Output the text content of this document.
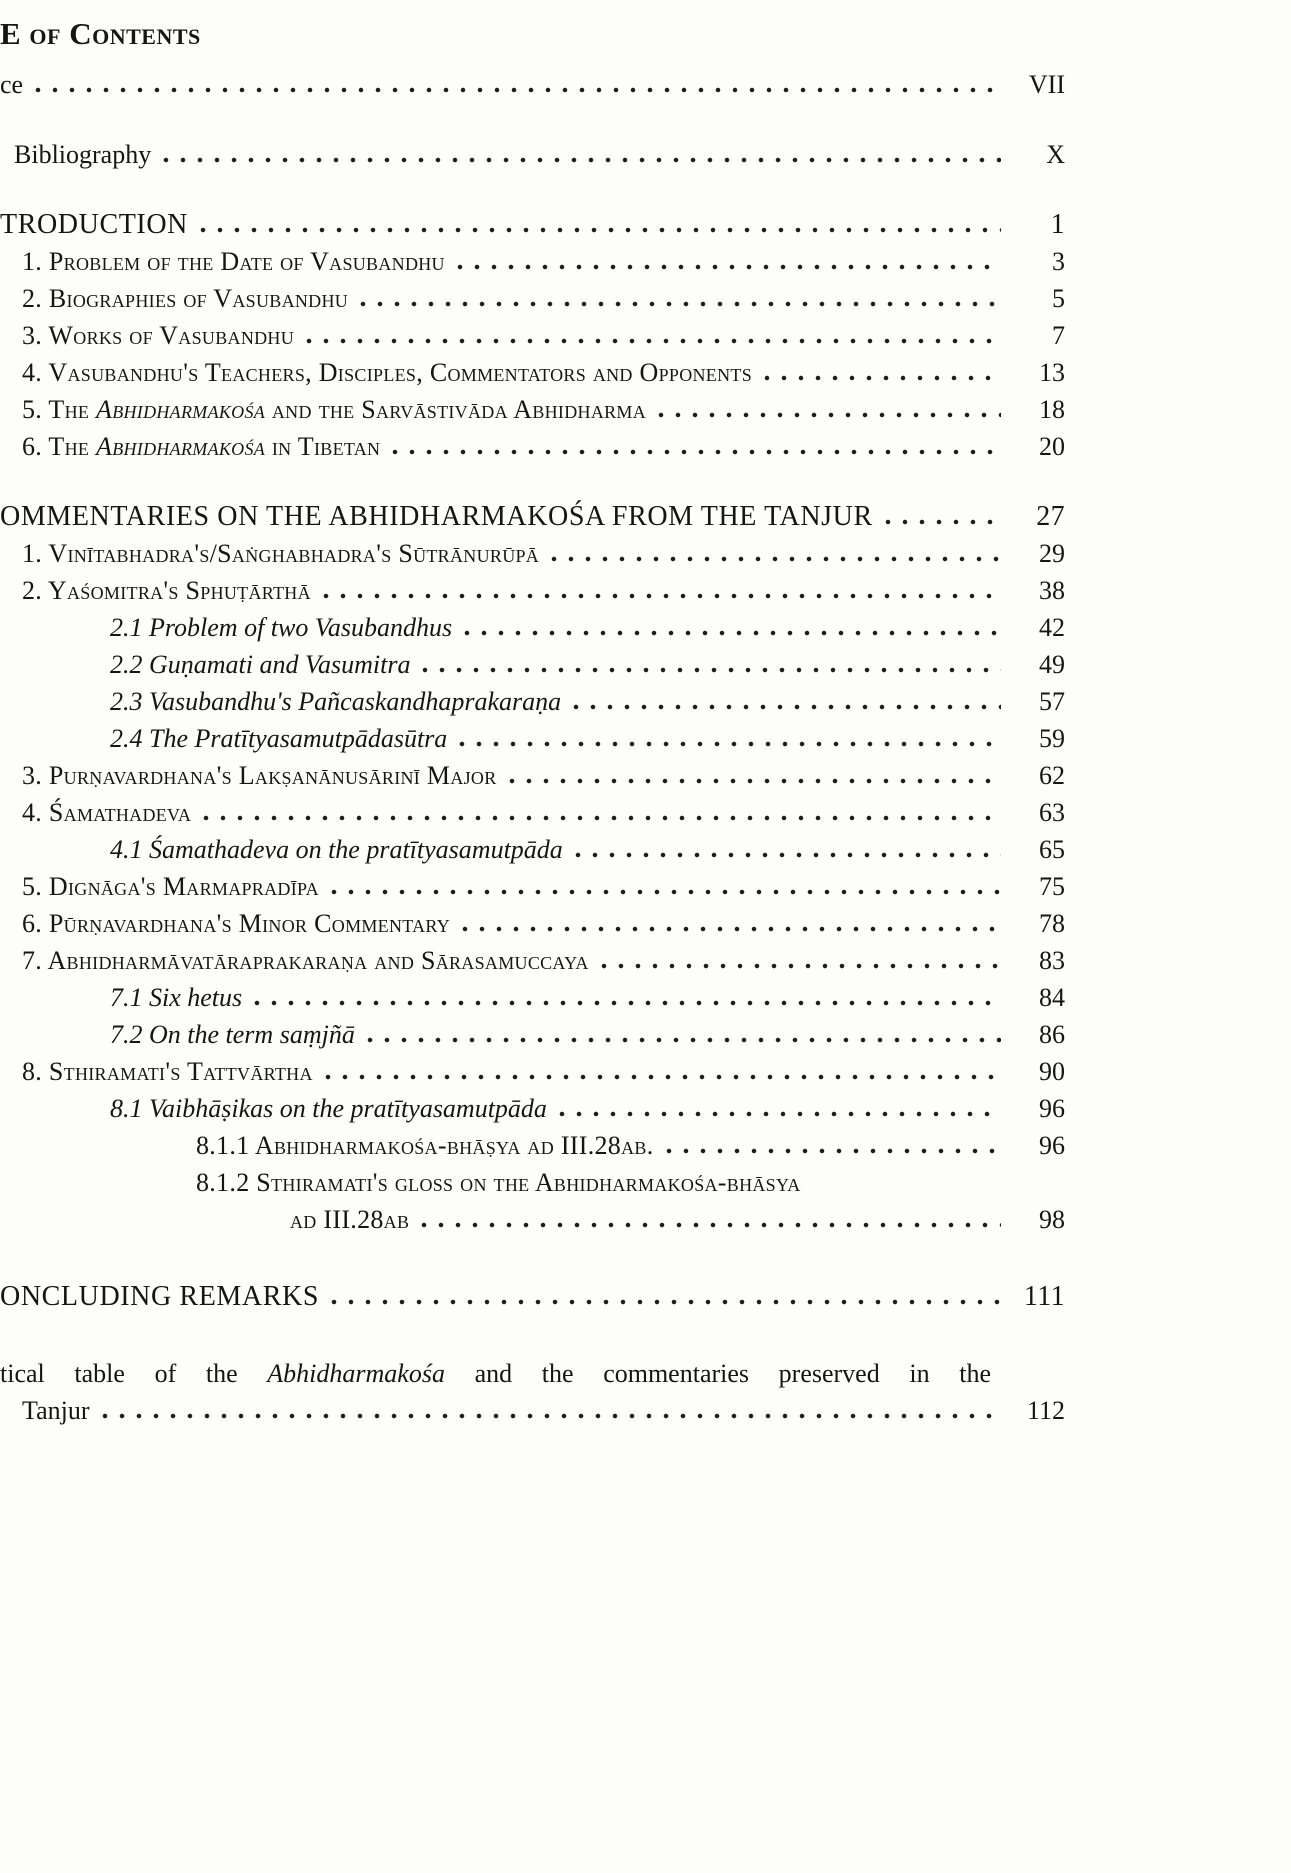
E of Contents
ce	VII
Bibliography	X
TRODUCTION	1
1. Problem of the Date of Vasubandhu	3
2. Biographies of Vasubandhu	5
3. Works of Vasubandhu	7
4. Vasubandhu's Teachers, Disciples, Commentators and Opponents	13
5. The Abhidharmakośa and the Sarvāstivāda Abhidharma	18
6. The Abhidharmakośa in Tibetan	20
OMMENTARIES ON THE ABHIDHARMAKOŚA FROM THE TANJUR	27
1. Vinītabhadra's/Saṅghabhadra's Sūtrānurūpā	29
2. Yaśomitra's Sphuṭārthā	38
2.1 Problem of two Vasubandhus	42
2.2 Guṇamati and Vasumitra	49
2.3 Vasubandhu's Pañcaskandhaprakaraṇa	57
2.4 The Pratītyasamutpādasūtra	59
3. Purṇavardhana's Lakṣanānusārinī Major	62
4. Śamathadeva	63
4.1 Śamathadeva on the pratītyasamutpāda	65
5. Dignāga's Marmapradīpa	75
6. Pūrṇavardhana's Minor Commentary	78
7. Abhidharmāvatāraprakaraṇa and Sārasamuccaya	83
7.1 Six hetus	84
7.2 On the term saṃjñā	86
8. Sthiramati's Tattvārtha	90
8.1 Vaibhāṣikas on the pratītyasamutpāda	96
8.1.1 Abhidharmakośa-bhāṣya ad III.28ab.	96
8.1.2 Sthiramati's gloss on the Abhidharmakośa-bhāsya
ad III.28ab	98
ONCLUDING REMARKS	111
tical table of the Abhidharmakośa and the commentaries preserved in the
Tanjur	112
